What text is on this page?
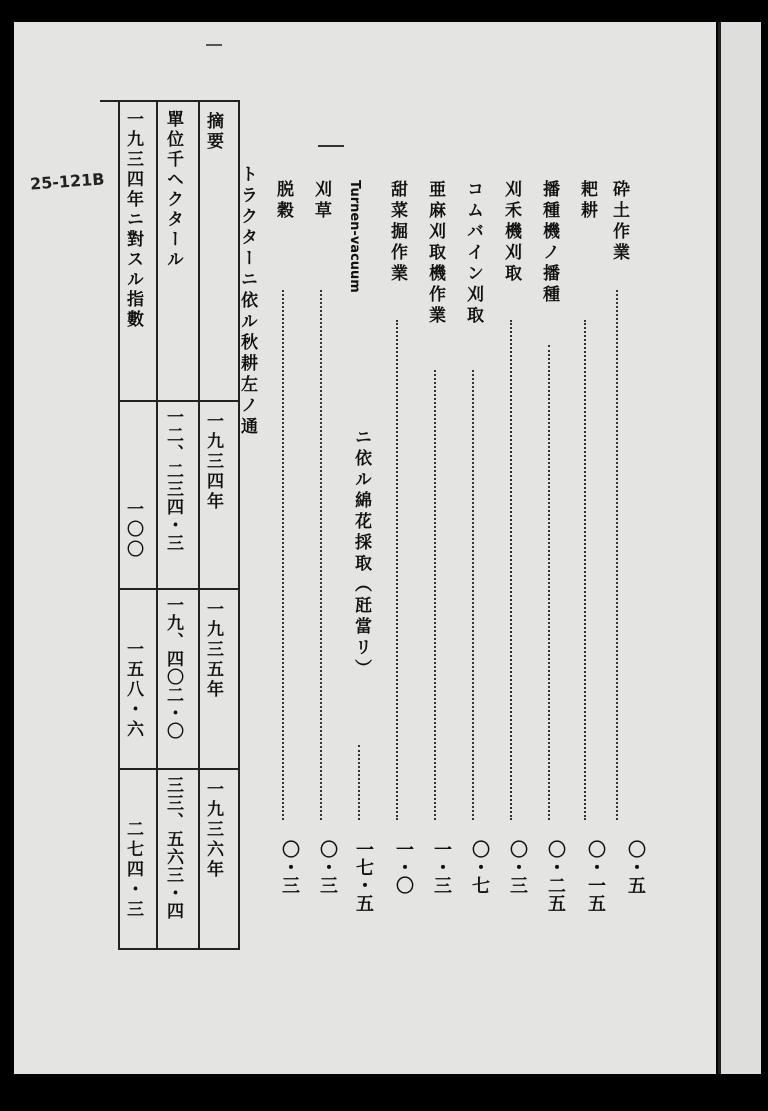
25-121B	砕土作業
〇・五
耙耕
〇・一五
播種機ノ播種
〇・二五
刈禾機刈取
〇・三
コムバイン刈取
〇・七
亜麻刈取機作業
一・三
甜菜掘作業
一・〇
Turnen-vacuum
ニ依ル綿花採取（瓩當リ）
一七・五
刈草
〇・三
脱穀
〇・三
トラクターニ依ル秋耕左ノ通
摘要
一九三四年
一九三五年
一九三六年
單位千ヘクタール
一二、二三四・三
一九、四〇二・〇
三三、五六三・四
一九三四年ニ對スル指數
一〇〇
一五八・六
二七四・三
